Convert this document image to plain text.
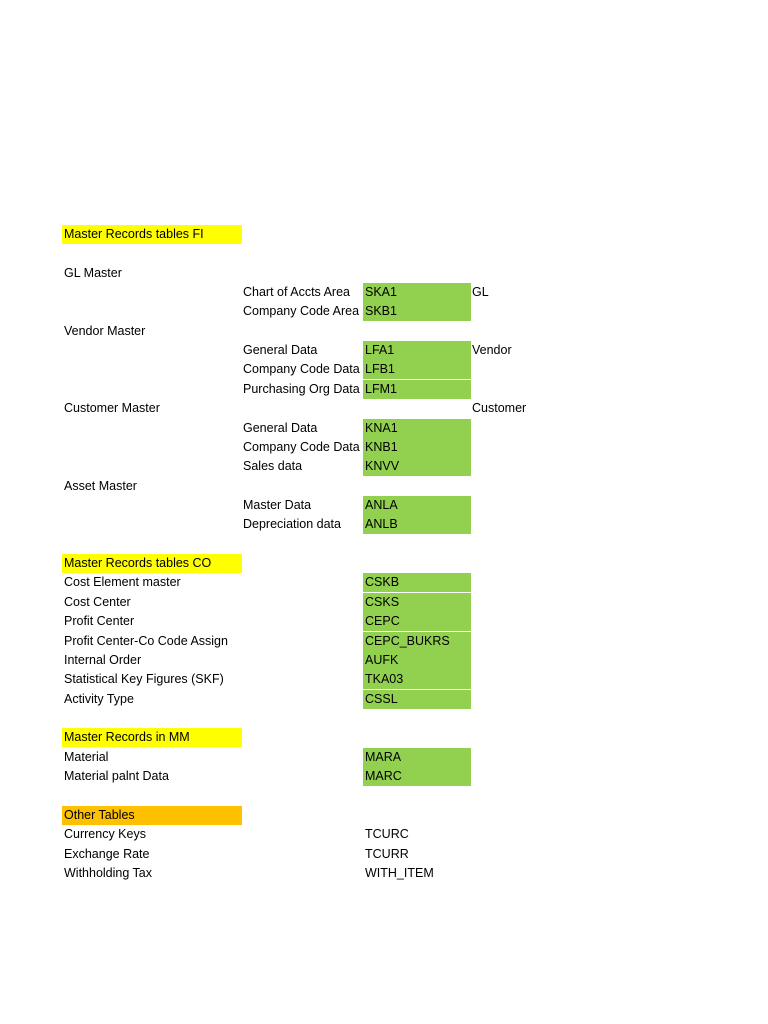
Master Records tables FI
GL Master
Chart of Accts Area SKA1	GL
Company Code Area SKB1
Vendor Master
General Data	LFA1	Vendor
Company Code Data LFB1
Purchasing Org Data LFM1
Customer Master	Customer
General Data	KNA1
Company Code Data KNB1
Sales data	KNVV
Asset Master
Master Data	ANLA
Depreciation data ANLB
Master Records tables CO
Cost Element master	CSKB
Cost Center	CSKS
Profit Center	CEPC
Profit Center-Co Code Assign	CEPC_BUKRS
Internal Order	AUFK
Statistical Key Figures (SKF)	TKA03
Activity Type	CSSL
Master Records in MM
Material	MARA
Material palnt Data	MARC
Other Tables
Currency Keys	TCURC
Exchange Rate	TCURR
Withholding Tax	WITH_ITEM
